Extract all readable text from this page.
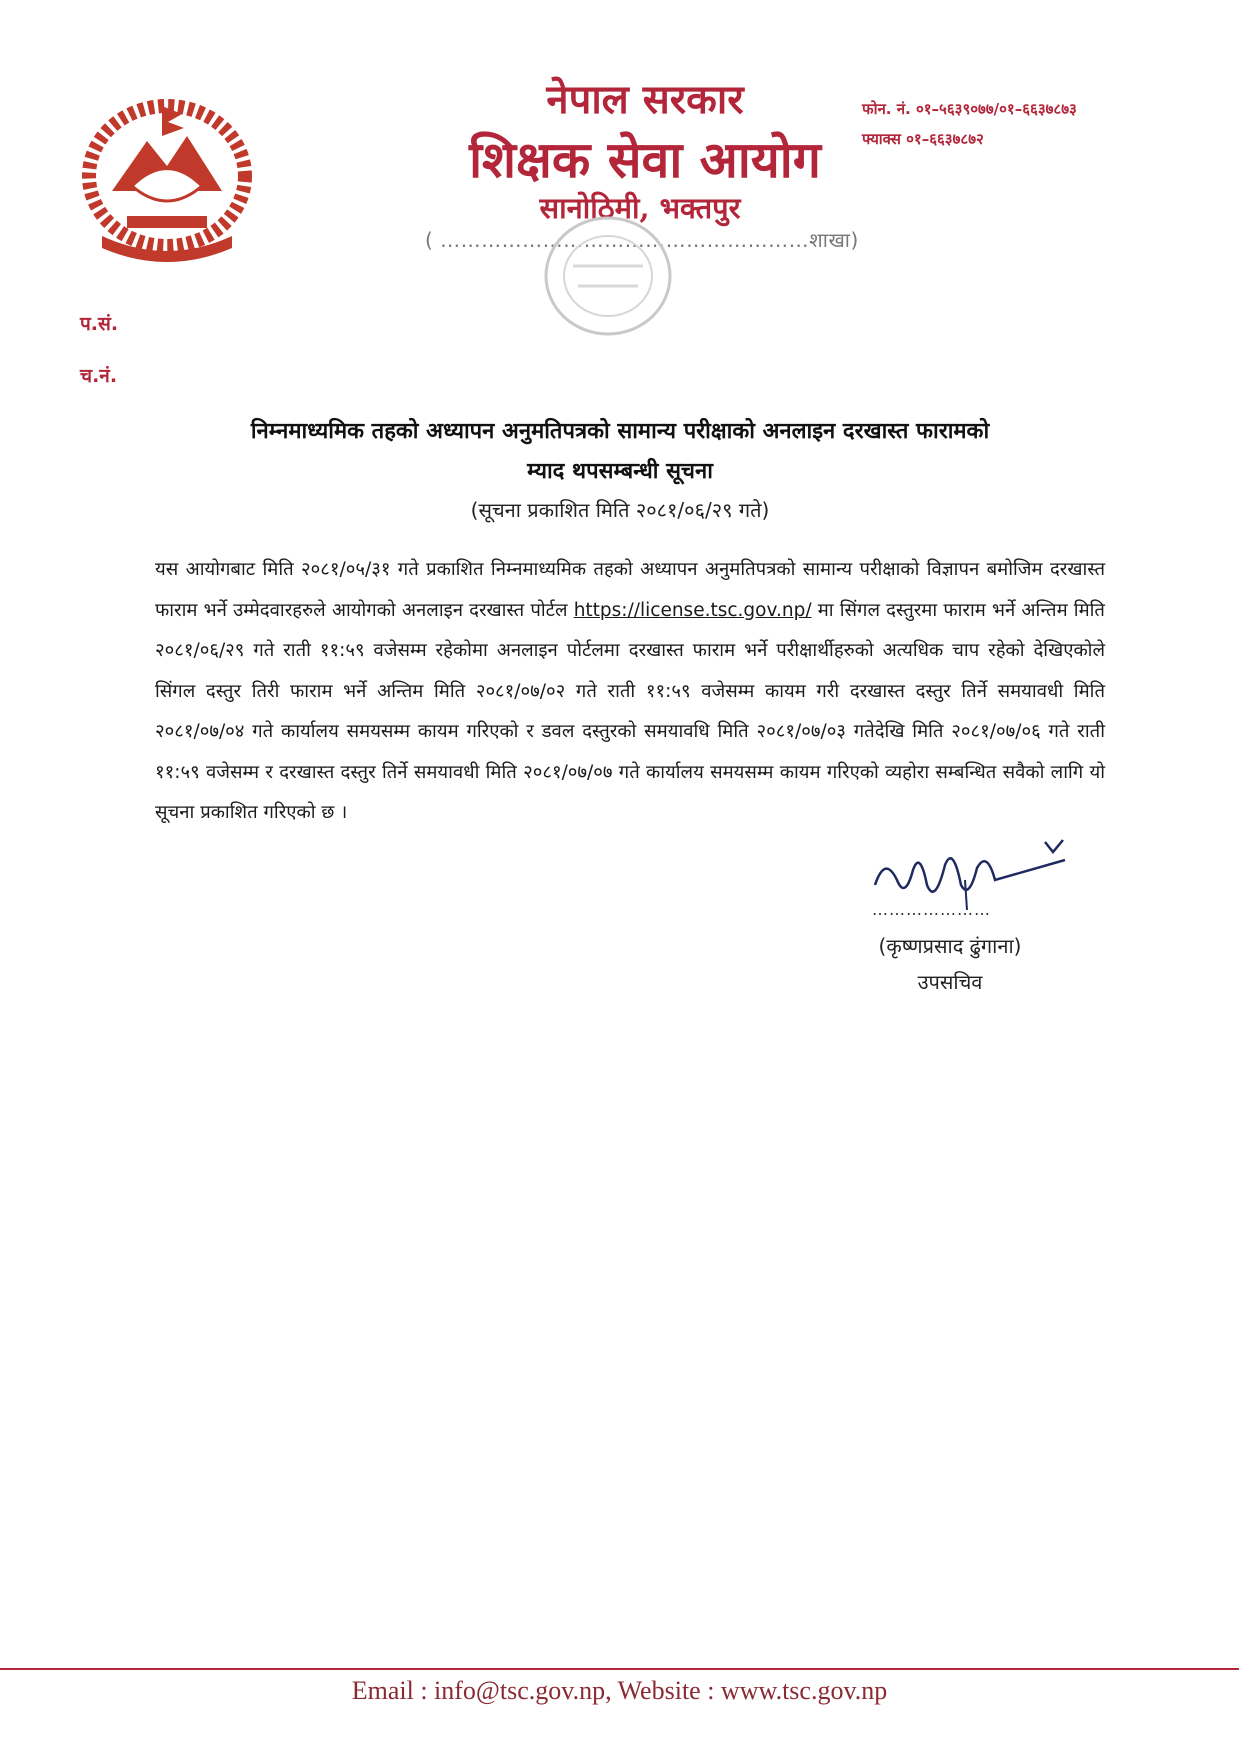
नेपाल सरकार
शिक्षक सेवा आयोग
सानोठिमी, भक्तपुर
( ………………………………………………शाखा)
फोन. नं. ०१–५६३९०७७/०१–६६३७८७३
फ्याक्स ०१–६६३७८७२
प.सं.
च.नं.
निम्नमाध्यमिक तहको अध्यापन अनुमतिपत्रको सामान्य परीक्षाको अनलाइन दरखास्त फारामको
म्याद थपसम्बन्धी सूचना
(सूचना प्रकाशित मिति २०८१/०६/२९ गते)
यस आयोगबाट मिति २०८१/०५/३१ गते प्रकाशित निम्नमाध्यमिक तहको अध्यापन अनुमतिपत्रको सामान्य परीक्षाको विज्ञापन बमोजिम दरखास्त फाराम भर्ने उम्मेदवारहरुले आयोगको अनलाइन दरखास्त पोर्टल https://license.tsc.gov.np/ मा सिंगल दस्तुरमा फाराम भर्ने अन्तिम मिति २०८१/०६/२९ गते राती ११:५९ वजेसम्म रहेकोमा अनलाइन पोर्टलमा दरखास्त फाराम भर्ने परीक्षार्थीहरुको अत्यधिक चाप रहेको देखिएकोले सिंगल दस्तुर तिरी फाराम भर्ने अन्तिम मिति २०८१/०७/०२ गते राती ११:५९ वजेसम्म कायम गरी दरखास्त दस्तुर तिर्ने समयावधी मिति २०८१/०७/०४ गते कार्यालय समयसम्म कायम गरिएको र डवल दस्तुरको समयावधि मिति २०८१/०७/०३ गतेदेखि मिति २०८१/०७/०६ गते राती ११:५९ वजेसम्म र दरखास्त दस्तुर तिर्ने समयावधी मिति २०८१/०७/०७ गते कार्यालय समयसम्म कायम गरिएको व्यहोरा सम्बन्धित सवैको लागि यो सूचना प्रकाशित गरिएको छ ।
…………………
(कृष्णप्रसाद ढुंगाना)
उपसचिव
Email : info@tsc.gov.np, Website : www.tsc.gov.np
